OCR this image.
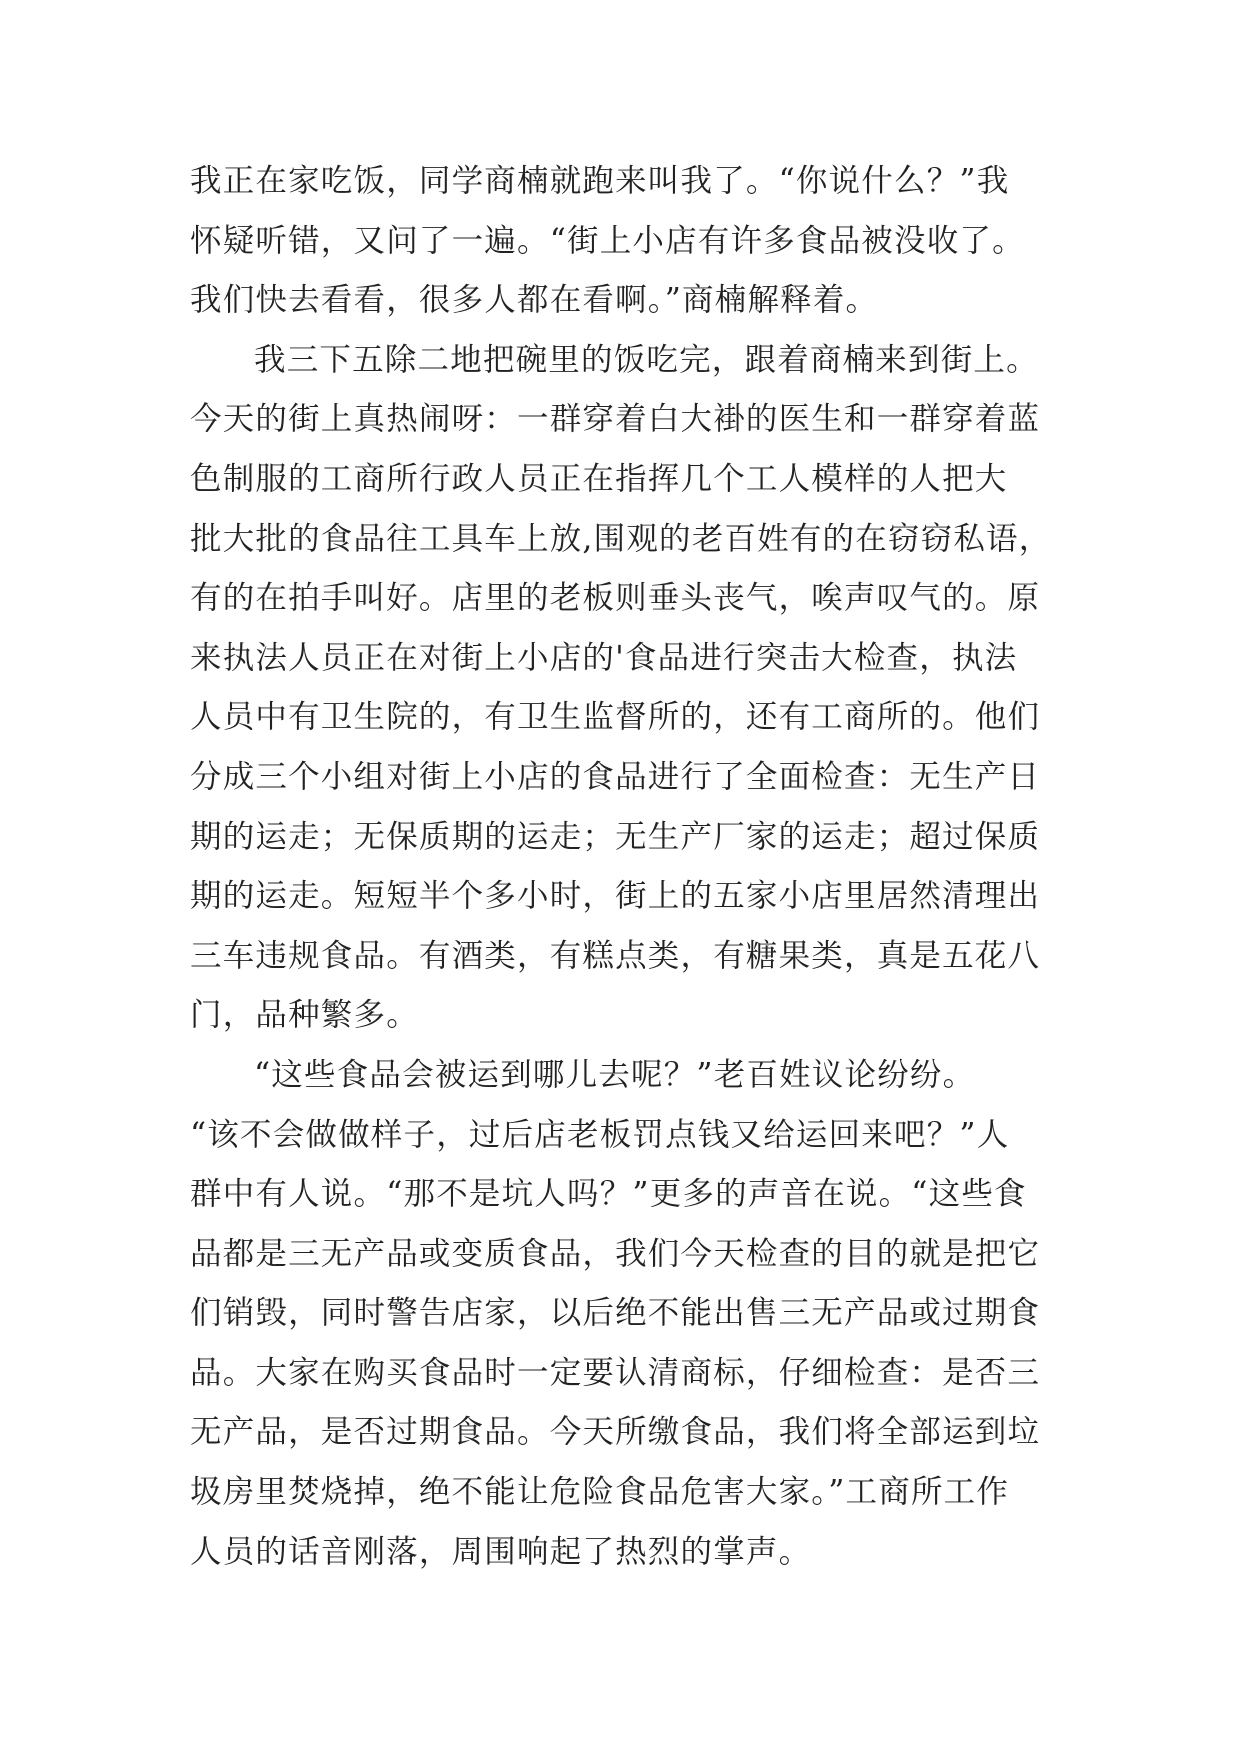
我正在家吃饭，同学商楠就跑来叫我了。“你说什么？”我
怀疑听错，又问了一遍。“街上小店有许多食品被没收了。
我们快去看看，很多人都在看啊。”商楠解释着。
我三下五除二地把碗里的饭吃完，跟着商楠来到街上。
今天的街上真热闹呀：一群穿着白大褂的医生和一群穿着蓝
色制服的工商所行政人员正在指挥几个工人模样的人把大
批大批的食品往工具车上放,围观的老百姓有的在窃窃私语，
有的在拍手叫好。店里的老板则垂头丧气，唉声叹气的。原
来执法人员正在对街上小店的'食品进行突击大检查，执法
人员中有卫生院的，有卫生监督所的，还有工商所的。他们
分成三个小组对街上小店的食品进行了全面检查：无生产日
期的运走；无保质期的运走；无生产厂家的运走；超过保质
期的运走。短短半个多小时，街上的五家小店里居然清理出
三车违规食品。有酒类，有糕点类，有糖果类，真是五花八
门，品种繁多。
“这些食品会被运到哪儿去呢？”老百姓议论纷纷。
“该不会做做样子，过后店老板罚点钱又给运回来吧？”人
群中有人说。“那不是坑人吗？”更多的声音在说。“这些食
品都是三无产品或变质食品，我们今天检查的目的就是把它
们销毁，同时警告店家，以后绝不能出售三无产品或过期食
品。大家在购买食品时一定要认清商标，仔细检查：是否三
无产品，是否过期食品。今天所缴食品，我们将全部运到垃
圾房里焚烧掉，绝不能让危险食品危害大家。”工商所工作
人员的话音刚落，周围响起了热烈的掌声。
